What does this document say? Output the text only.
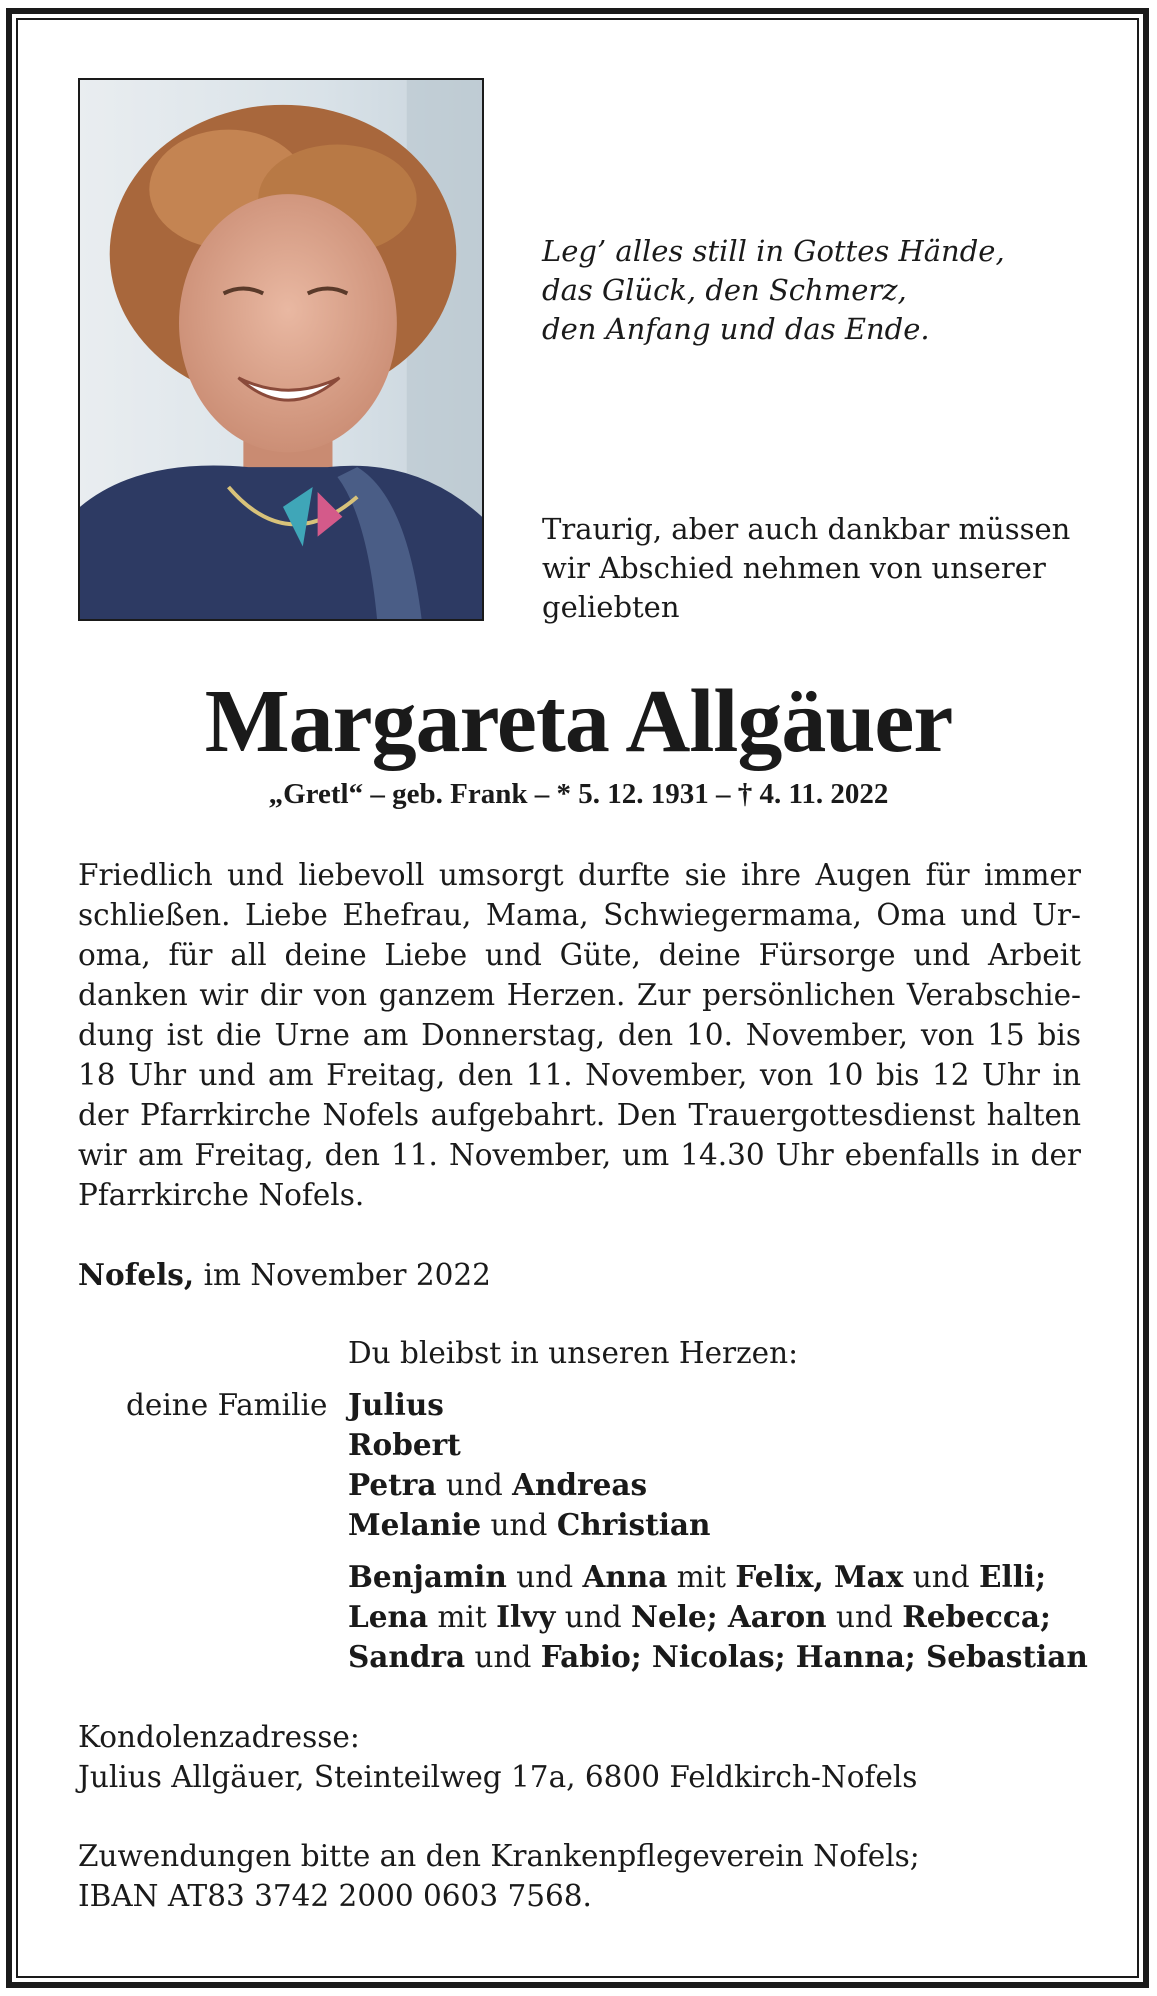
Leg’ alles still in Gottes Hände,
das Glück, den Schmerz,
den Anfang und das Ende.
Traurig, aber auch dankbar müssen
wir Abschied nehmen von unserer
geliebten
Margareta Allgäuer
„Gretl“ – geb. Frank – * 5. 12. 1931 – † 4. 11. 2022
Friedlich und liebevoll umsorgt durfte sie ihre Augen für immer schließen. Liebe Ehefrau, Mama, Schwiegermama, Oma und Uroma, für all deine Liebe und Güte, deine Fürsorge und Arbeit danken wir dir von ganzem Herzen. Zur persönlichen Verabschiedung ist die Urne am Donnerstag, den 10. November, von 15 bis 18 Uhr und am Freitag, den 11. November, von 10 bis 12 Uhr in der Pfarrkirche Nofels aufgebahrt. Den Trauergottesdienst halten wir am Freitag, den 11. November, um 14.30 Uhr ebenfalls in der Pfarrkirche Nofels.
Nofels, im November 2022
Du bleibst in unseren Herzen:
deine Familie Julius
Robert
Petra und Andreas
Melanie und Christian
Benjamin und Anna mit Felix, Max und Elli;
Lena mit Ilvy und Nele; Aaron und Rebecca;
Sandra und Fabio; Nicolas; Hanna; Sebastian
Kondolenzadresse:
Julius Allgäuer, Steinteilweg 17a, 6800 Feldkirch-Nofels
Zuwendungen bitte an den Krankenpflegeverein Nofels;
IBAN AT83 3742 2000 0603 7568.
